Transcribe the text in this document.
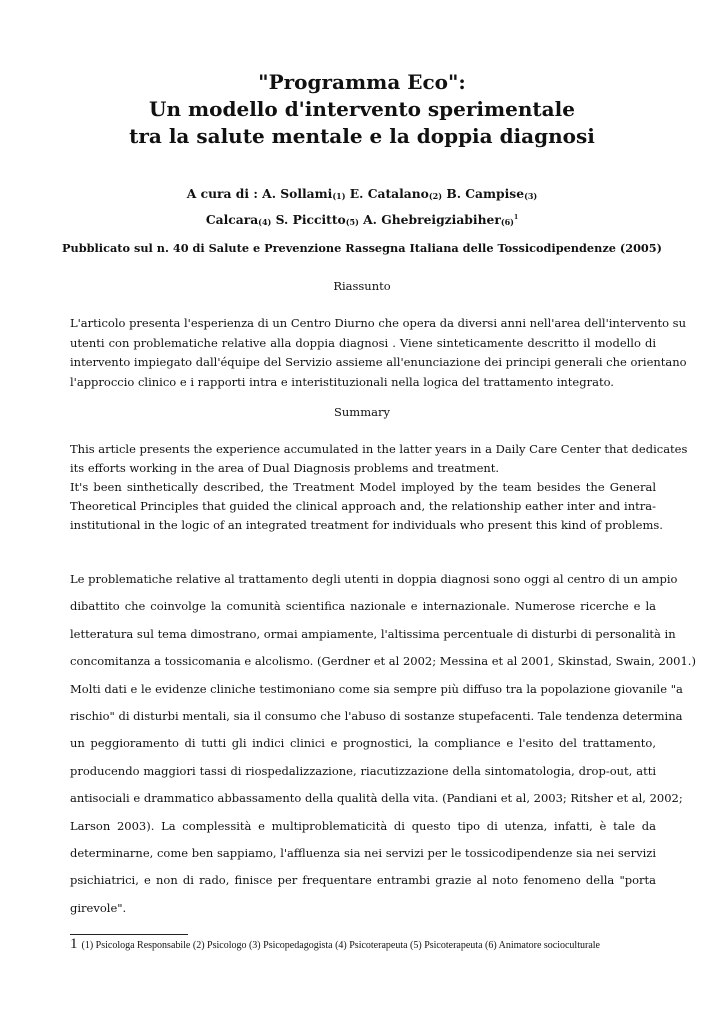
"Programma Eco":
Un modello d'intervento sperimentale
tra la salute mentale e la doppia diagnosi
A cura di : A. Sollami$_{(1)}$ E. Catalano$_{(2)}$ B. Campise$_{(3)}$
Calcara$_{(4)}$ S. Piccitto$_{(5)}$ A. Ghebreigziabiher$_{(6)}^1$
Pubblicato sul n. 40 di Salute e Prevenzione Rassegna Italiana delle Tossicodipendenze (2005)
Riassunto
L'articolo presenta l'esperienza di un Centro Diurno che opera da diversi anni nell'area dell'intervento su
utenti con problematiche relative alla doppia diagnosi . Viene sinteticamente descritto il modello di
intervento impiegato dall'équipe del Servizio assieme all'enunciazione dei principi generali che orientano
l'approccio clinico e i rapporti intra e interistituzionali nella logica del trattamento integrato.
Summary
This article presents the experience accumulated in the latter years in a Daily Care Center that dedicates
its efforts working in the area of Dual Diagnosis problems and treatment.
It's been sinthetically described, the Treatment Model imployed by the team besides the General
Theoretical Principles that guided the clinical approach and, the relationship eather inter and intra-
institutional in the logic of an integrated treatment for individuals who present this kind of problems.
Le problematiche relative al trattamento degli utenti in doppia diagnosi sono oggi al centro di un ampio
dibattito che coinvolge la comunità scientifica nazionale e internazionale. Numerose ricerche e la
letteratura sul tema dimostrano, ormai ampiamente, l'altissima percentuale di disturbi di personalità in
concomitanza a tossicomania e alcolismo. (Gerdner et al 2002; Messina et al 2001, Skinstad, Swain, 2001.)
Molti dati e le evidenze cliniche testimoniano come sia sempre più diffuso tra la popolazione giovanile "a
rischio" di disturbi mentali, sia il consumo che l'abuso di sostanze stupefacenti. Tale tendenza determina
un peggioramento di tutti gli indici clinici e prognostici, la compliance e l'esito del trattamento,
producendo maggiori tassi di riospedalizzazione, riacutizzazione della sintomatologia, drop-out, atti
antisociali e drammatico abbassamento della qualità della vita. (Pandiani et al, 2003; Ritsher et al, 2002;
Larson 2003). La complessità e multiproblematicità di questo tipo di utenza, infatti, è tale da
determinarne, come ben sappiamo, l'affluenza sia nei servizi per le tossicodipendenze sia nei servizi
psichiatrici, e non di rado, finisce per frequentare entrambi grazie al noto fenomeno della "porta
girevole".
1 (1) Psicologa Responsabile (2) Psicologo (3) Psicopedagogista (4) Psicoterapeuta (5) Psicoterapeuta (6) Animatore socioculturale
